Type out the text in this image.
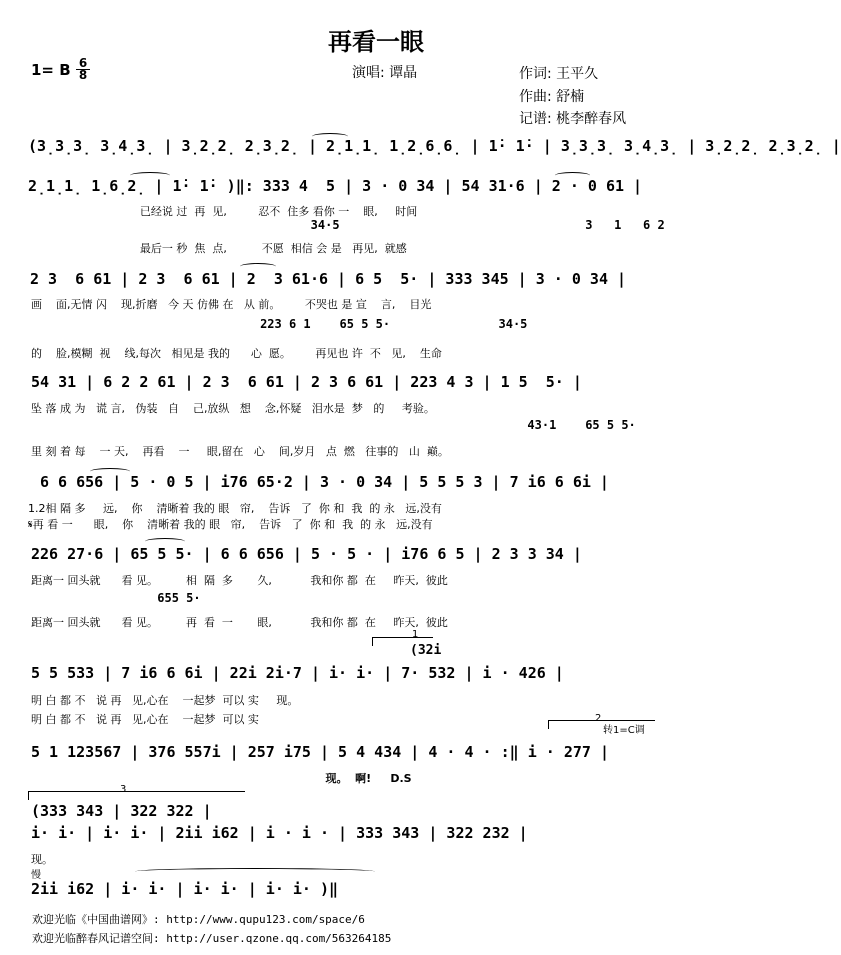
再看一眼
1= B $\frac{6}{8}$	演唱: 谭晶	作词: 王平久
作曲: 舒楠
记谱: 桃李醉春风
(3̣3̣3̣ 3̣4̣3̣ | 3̣2̣2̣ 2̣3̣2̣ | 2̣1̣1̣ 1̣2̣6̣6̣ | 1̇· 1̇· | 3̣3̣3̣ 3̣4̣3̣ | 3̣2̣2̣ 2̣3̣2̣ |
2̣1̣1̣ 1̣6̣2̣ | 1̇· 1̇· )‖: 333 4  5 | 3 · 0 34 | 54 31·6 | 2 · 0 61 |
已经说 过  再  见,         忍不  住多 看你 一    眼,     时间
34·5                                  3   1   6 2
最后一 秒  焦  点,          不愿  相信 会 是   再见,  就感
2 3  6 61 | 2 3  6 61 | 2  3 61·6 | 6 5  5· | 333 345 | 3 · 0 34 |
画    面,无情 闪    现,折磨   今 天 仿佛 在   从 前。       不哭也 是 宣    言,    目光
223 6 1    65 5 5·               34·5
的    脸,模糊  视    线,每次   相见是 我的      心  愿。       再见也 许  不   见,    生命
54 31 | 6 2 2 61 | 2 3  6 61 | 2 3 6 61 | 223 4 3 | 1 5  5· |
坠 落 成 为   谎 言,   伪装   自    己,放纵   想    念,怀疑   泪水是  梦   的     考验。
43·1    65 5 5·
里 刻 着 每    一 天,    再看    一     眼,留在   心    间,岁月   点  燃   往事的   山  巅。
6 6 656 | 5 · 0 5 | i76 65·2 | 3 · 0 34 | 5 5 5 3 | 7 i6 6 6i |
1.2相 隔 多     远,    你    清晰着 我的 眼   帘,    告诉   了  你 和  我  的 永   远,没有
𝄋再 看 一      眼,    你    清晰着 我的 眼   帘,    告诉   了  你 和  我  的 永   远,没有
226 27·6 | 65 5 5· | 6 6 656 | 5 · 5 · | i76 6 5 | 2 3 3 34 |
距离一 回头就      看 见。        相  隔  多       久,           我和你 都  在     昨天,  彼此
655 5·
距离一 回头就      看 见。        再  看  一       眼,           我和你 都  在     昨天,  彼此
1
(32i
5 5 533 | 7 i6 6 6i | 22i 2i·7 | i· i· | 7· 532 | i · 426 |
明 白 都 不   说 再   见,心在    一起梦  可以 实     现。
明 白 都 不   说 再   见,心在    一起梦  可以 实	2
转1=C调
5 1 123567 | 376 557i | 257 i75 | 5 4 434 | 4 · 4 · :‖ i · 277 |
现。  啊!     D.S
3
(333 343 | 322 322 |
i· i· | i· i· | 2ii i62 | i · i · | 333 343 | 322 232 |
现。
慢
2ii i62 | i· i· | i· i· | i· i· )‖
欢迎光临《中国曲谱网》: http://www.qupu123.com/space/6
欢迎光临醉春风记谱空间: http://user.qzone.qq.com/563264185
